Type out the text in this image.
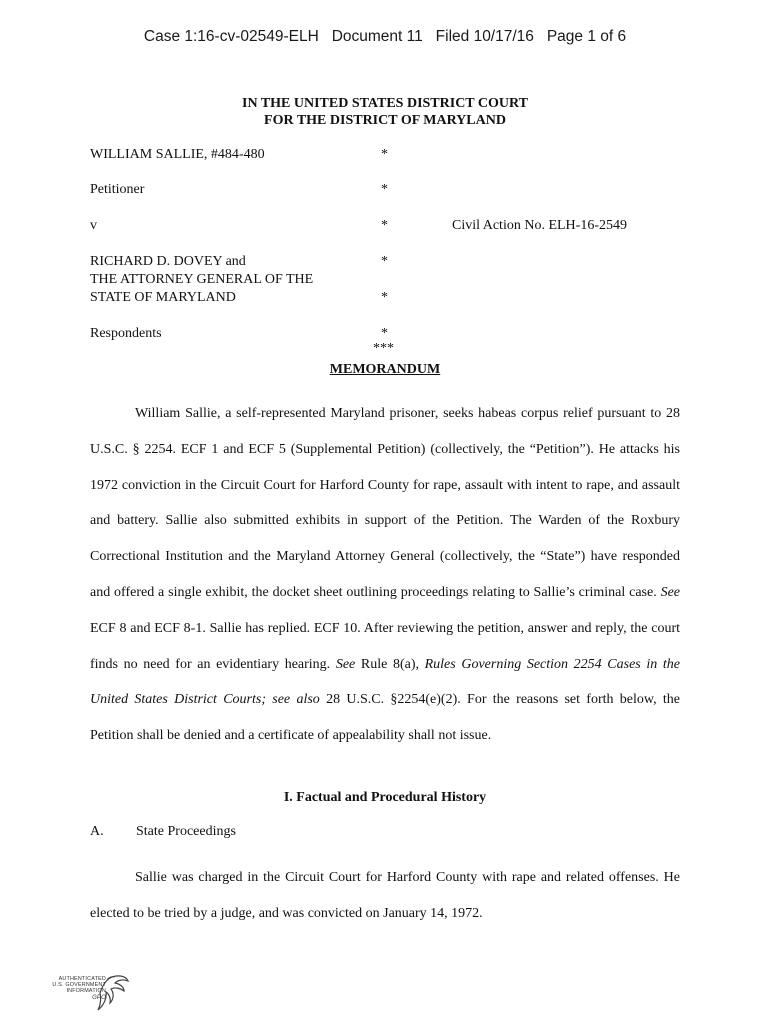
Case 1:16-cv-02549-ELH   Document 11   Filed 10/17/16   Page 1 of 6
IN THE UNITED STATES DISTRICT COURT
FOR THE DISTRICT OF MARYLAND
WILLIAM SALLIE, #484-480	*
Petitioner	*
v	*	Civil Action No. ELH-16-2549
RICHARD D. DOVEY and	*
THE ATTORNEY GENERAL OF THE
STATE OF MARYLAND	*
Respondents	*
***
MEMORANDUM

William Sallie, a self-represented Maryland prisoner, seeks habeas corpus relief pursuant to 28 U.S.C. § 2254. ECF 1 and ECF 5 (Supplemental Petition) (collectively, the “Petition”). He attacks his 1972 conviction in the Circuit Court for Harford County for rape, assault with intent to rape, and assault and battery. Sallie also submitted exhibits in support of the Petition. The Warden of the Roxbury Correctional Institution and the Maryland Attorney General (collectively, the “State”) have responded and offered a single exhibit, the docket sheet outlining proceedings relating to Sallie’s criminal case. See ECF 8 and ECF 8-1. Sallie has replied. ECF 10. After reviewing the petition, answer and reply, the court finds no need for an evidentiary hearing. See Rule 8(a), Rules Governing Section 2254 Cases in the United States District Courts; see also 28 U.S.C. §2254(e)(2). For the reasons set forth below, the Petition shall be denied and a certificate of appealability shall not issue.

I. Factual and Procedural History
A. State Proceedings

Sallie was charged in the Circuit Court for Harford County with rape and related offenses. He elected to be tried by a judge, and was convicted on January 14, 1972.

AUTHENTICATED
U.S. GOVERNMENT
INFORMATION
GPO
